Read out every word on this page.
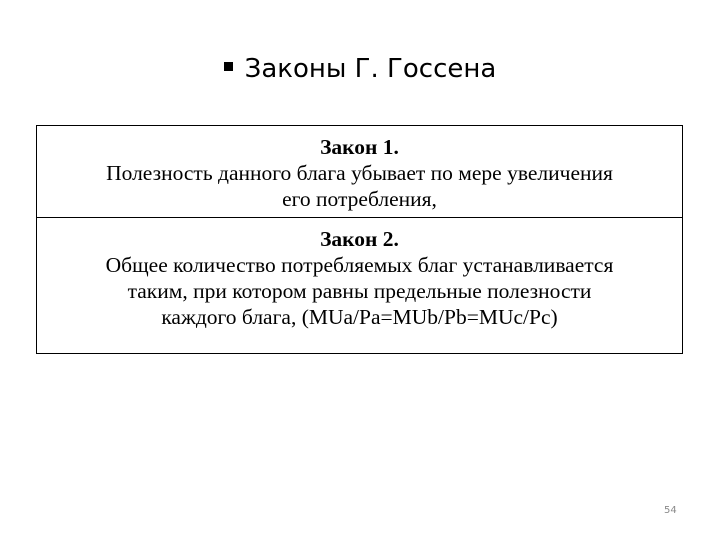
Законы Г. Госсена
Закон 1.
Полезность данного блага убывает по мере увеличения
его потребления,
Закон 2.
Общее количество потребляемых благ устанавливается
таким, при котором равны предельные полезности
каждого блага, (MUa/Pa=MUb/Pb=MUc/Pc)
54
